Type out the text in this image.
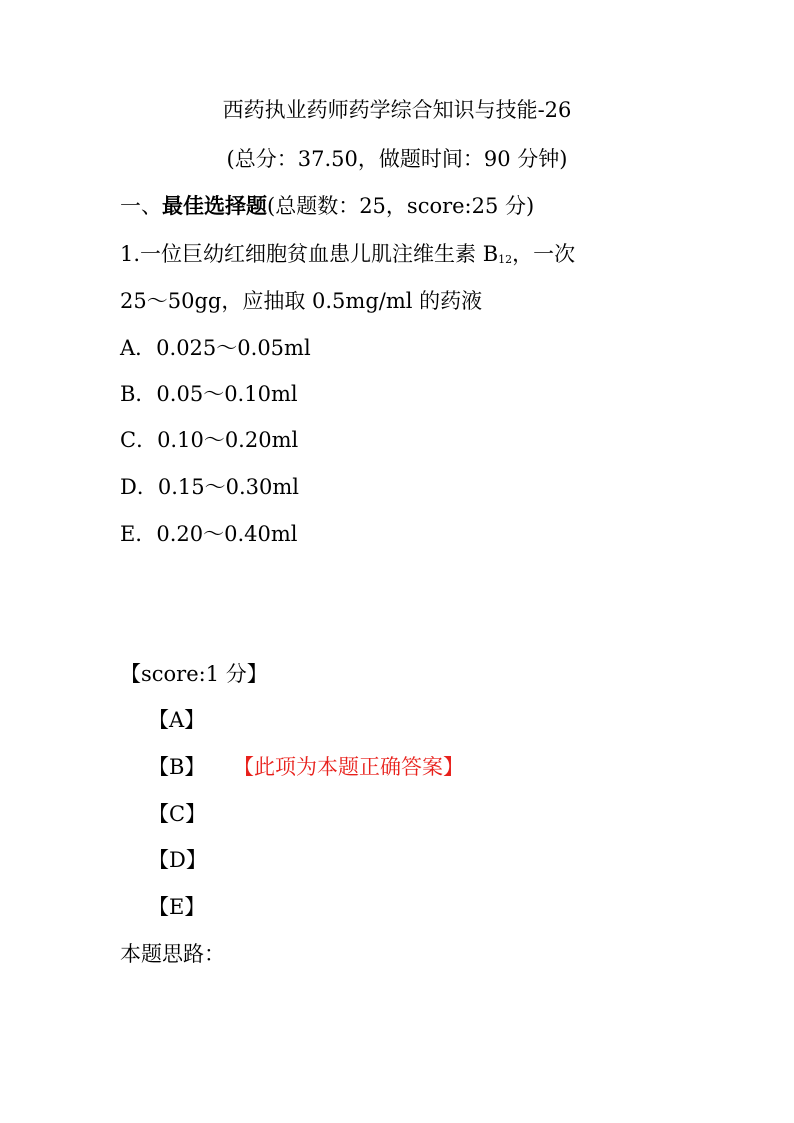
西药执业药师药学综合知识与技能-26
(总分：37.50，做题时间：90 分钟)
一、最佳选择题(总题数：25，score:25 分)
1.一位巨幼红细胞贫血患儿肌注维生素 $B_{12}$，一次
25～50gg，应抽取 0.5mg/ml 的药液
A．0.025～0.05ml
B．0.05～0.10ml
C．0.10～0.20ml
D．0.15～0.30ml
E．0.20～0.40ml
【score:1 分】
【A】
【B】 【此项为本题正确答案】
【C】
【D】
【E】
本题思路：
